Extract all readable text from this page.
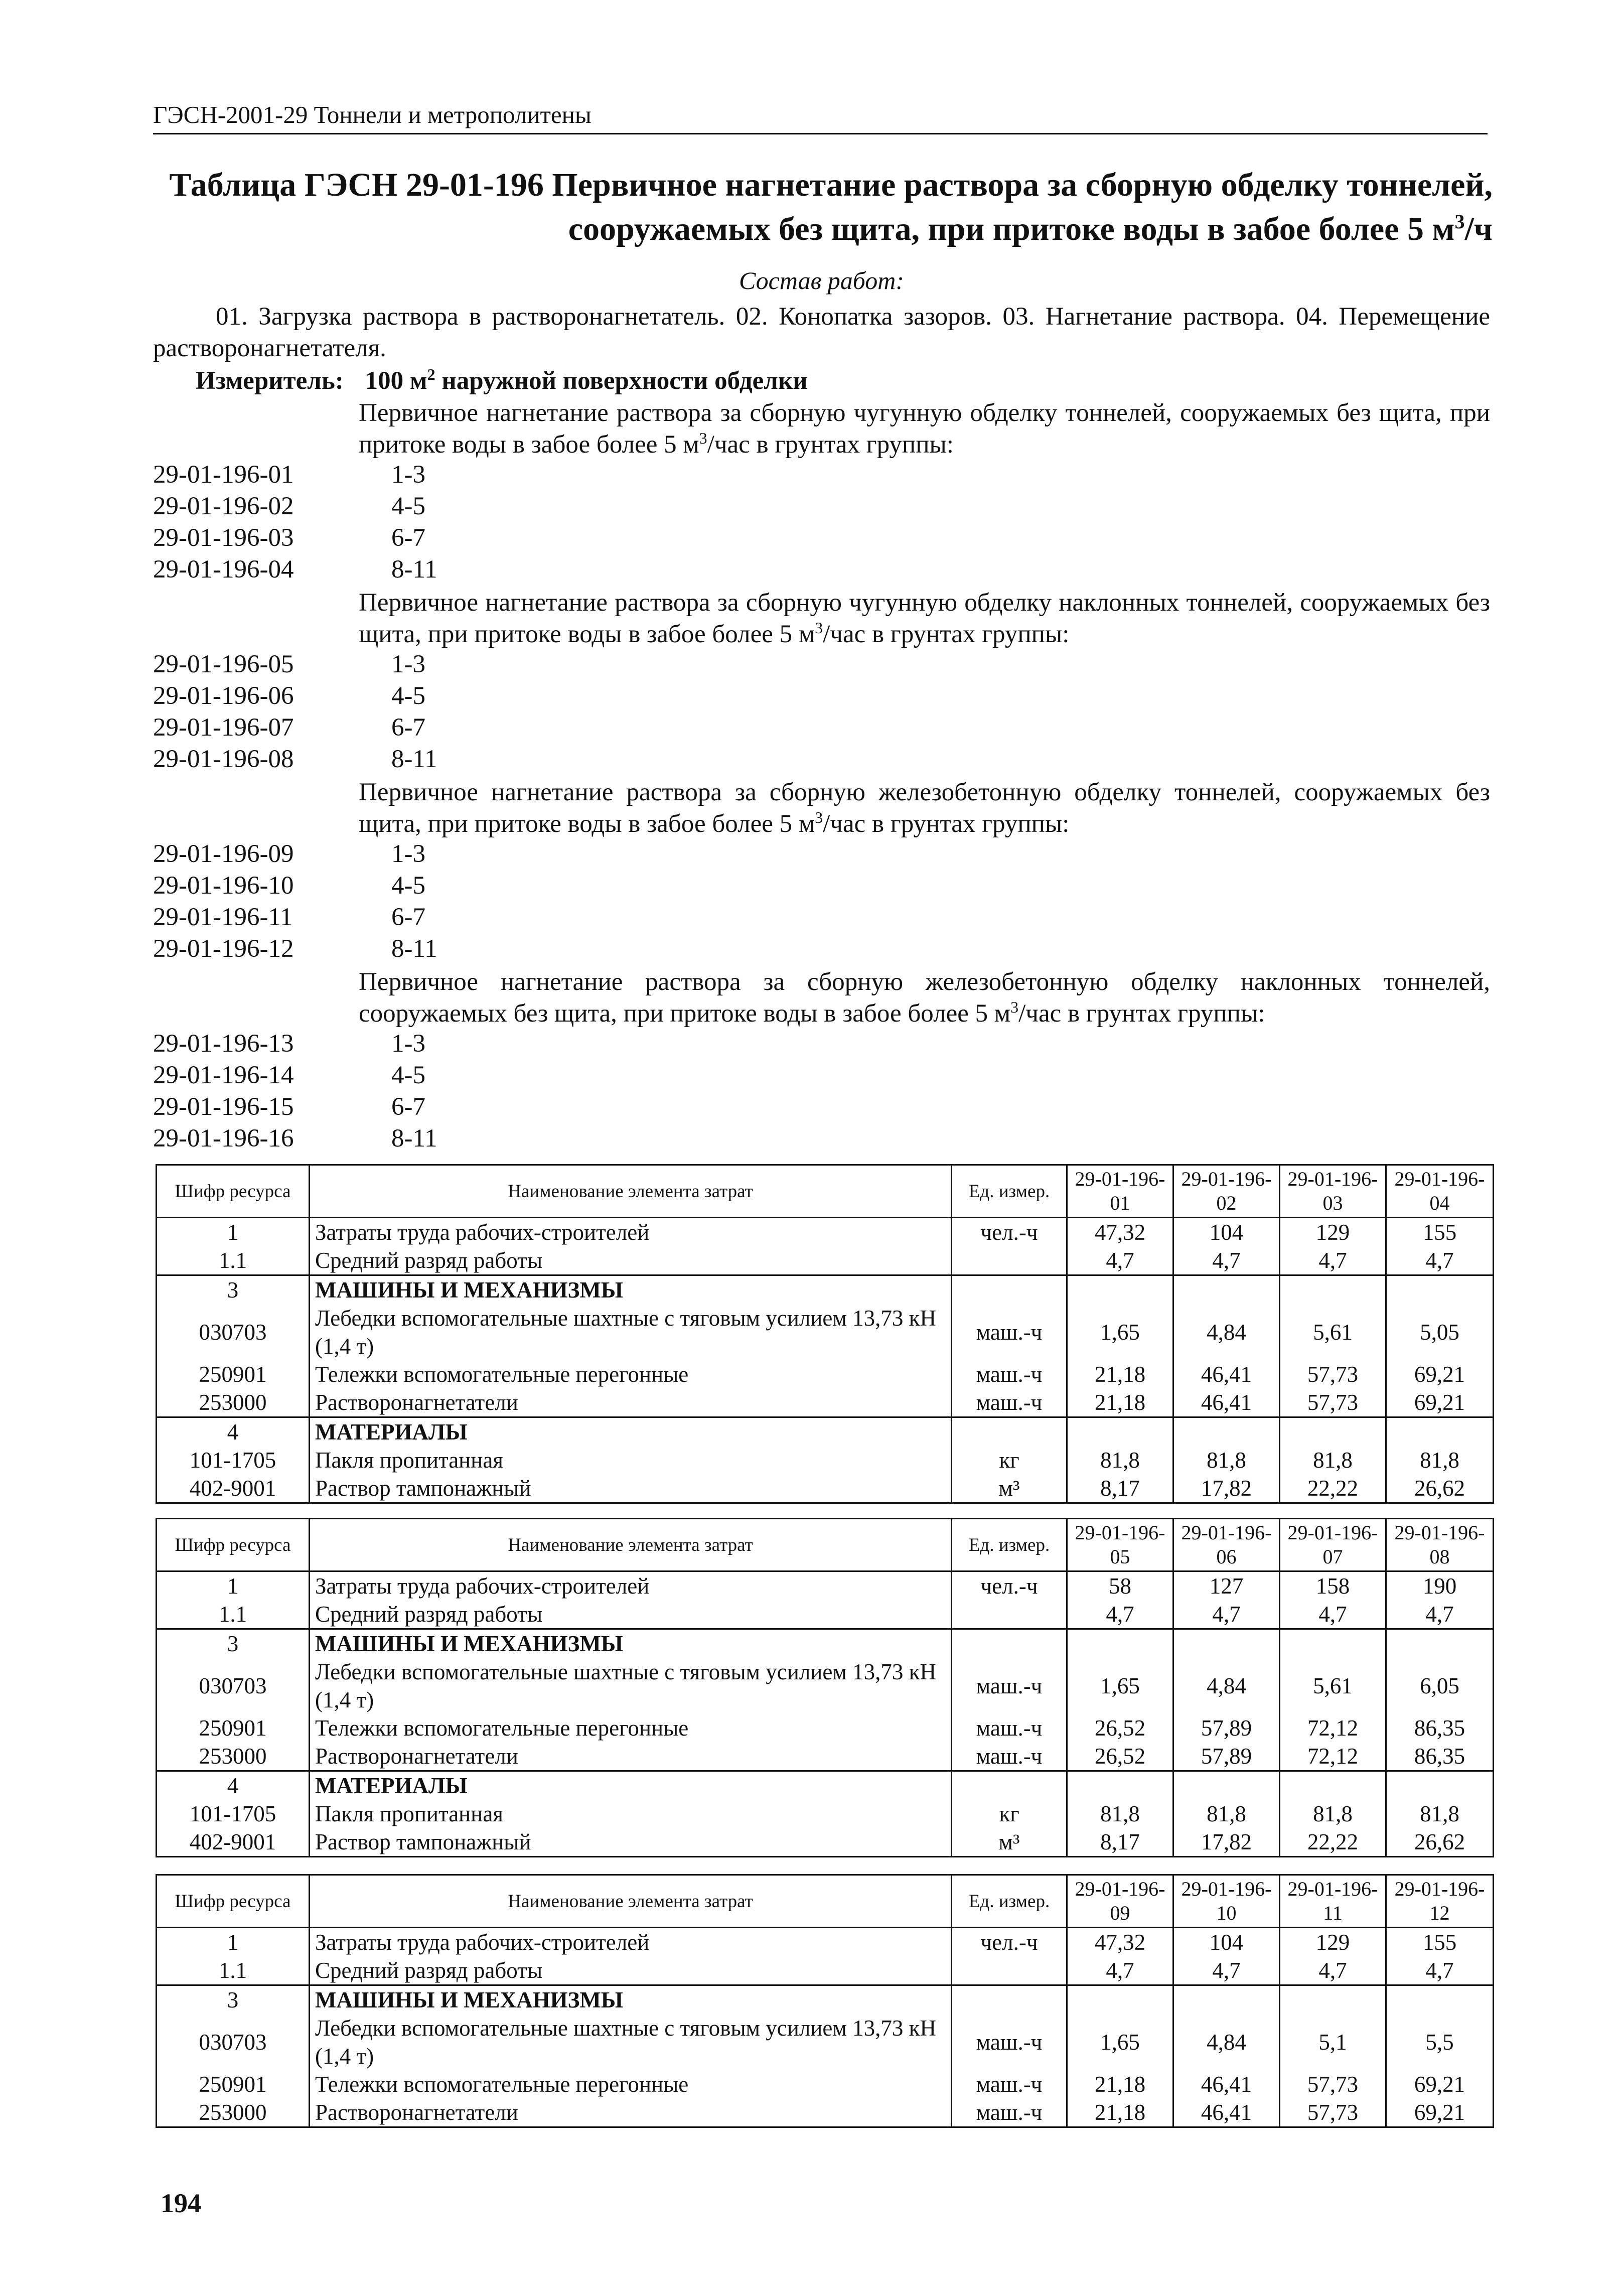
ГЭСН-2001-29 Тоннели и метрополитены
Таблица ГЭСН 29-01-196 Первичное нагнетание раствора за сборную обделку тоннелей,
сооружаемых без щита, при притоке воды в забое более 5 $м^3/ч$
Состав работ:
01. Загрузка раствора в растворонагнетатель. 02. Конопатка зазоров. 03. Нагнетание раствора. 04. Перемещение растворонагнетателя.
Измеритель: 100 $м^2$ наружной поверхности обделки
Первичное нагнетание раствора за сборную чугунную обделку тоннелей, сооружаемых без щита, при притоке воды в забое более 5 $м^3$/час в грунтах группы:
29-01-196-01	1-3
29-01-196-02	4-5
29-01-196-03	6-7
29-01-196-04	8-11
Первичное нагнетание раствора за сборную чугунную обделку наклонных тоннелей, сооружаемых без щита, при притоке воды в забое более 5 $м^3$/час в грунтах группы:
29-01-196-05	1-3
29-01-196-06	4-5
29-01-196-07	6-7
29-01-196-08	8-11
Первичное нагнетание раствора за сборную железобетонную обделку тоннелей, сооружаемых без щита, при притоке воды в забое более 5 $м^3$/час в грунтах группы:
29-01-196-09	1-3
29-01-196-10	4-5
29-01-196-11	6-7
29-01-196-12	8-11
Первичное нагнетание раствора за сборную железобетонную обделку наклонных тоннелей, сооружаемых без щита, при притоке воды в забое более 5 $м^3$/час в грунтах группы:
29-01-196-13	1-3
29-01-196-14	4-5
29-01-196-15	6-7
29-01-196-16	8-11
Шифр ресурса	Наименование элемента затрат	Ед. измер.	29-01-196-01	29-01-196-02	29-01-196-03	29-01-196-04
1	Затраты труда рабочих-строителей	чел.-ч	47,32	104	129	155
1.1	Средний разряд работы		4,7	4,7	4,7	4,7
3	МАШИНЫ И МЕХАНИЗМЫ					
030703	Лебедки вспомогательные шахтные с тяговым усилием 13,73 кН (1,4 т)	маш.-ч	1,65	4,84	5,61	5,05
250901	Тележки вспомогательные перегонные	маш.-ч	21,18	46,41	57,73	69,21
253000	Растворонагнетатели	маш.-ч	21,18	46,41	57,73	69,21
4	МАТЕРИАЛЫ					
101-1705	Пакля пропитанная	кг	81,8	81,8	81,8	81,8
402-9001	Раствор тампонажный	м³	8,17	17,82	22,22	26,62
Шифр ресурса	Наименование элемента затрат	Ед. измер.	29-01-196-05	29-01-196-06	29-01-196-07	29-01-196-08
1	Затраты труда рабочих-строителей	чел.-ч	58	127	158	190
1.1	Средний разряд работы		4,7	4,7	4,7	4,7
3	МАШИНЫ И МЕХАНИЗМЫ					
030703	Лебедки вспомогательные шахтные с тяговым усилием 13,73 кН (1,4 т)	маш.-ч	1,65	4,84	5,61	6,05
250901	Тележки вспомогательные перегонные	маш.-ч	26,52	57,89	72,12	86,35
253000	Растворонагнетатели	маш.-ч	26,52	57,89	72,12	86,35
4	МАТЕРИАЛЫ					
101-1705	Пакля пропитанная	кг	81,8	81,8	81,8	81,8
402-9001	Раствор тампонажный	м³	8,17	17,82	22,22	26,62
Шифр ресурса	Наименование элемента затрат	Ед. измер.	29-01-196-09	29-01-196-10	29-01-196-11	29-01-196-12
1	Затраты труда рабочих-строителей	чел.-ч	47,32	104	129	155
1.1	Средний разряд работы		4,7	4,7	4,7	4,7
3	МАШИНЫ И МЕХАНИЗМЫ					
030703	Лебедки вспомогательные шахтные с тяговым усилием 13,73 кН (1,4 т)	маш.-ч	1,65	4,84	5,1	5,5
250901	Тележки вспомогательные перегонные	маш.-ч	21,18	46,41	57,73	69,21
253000	Растворонагнетатели	маш.-ч	21,18	46,41	57,73	69,21
194
